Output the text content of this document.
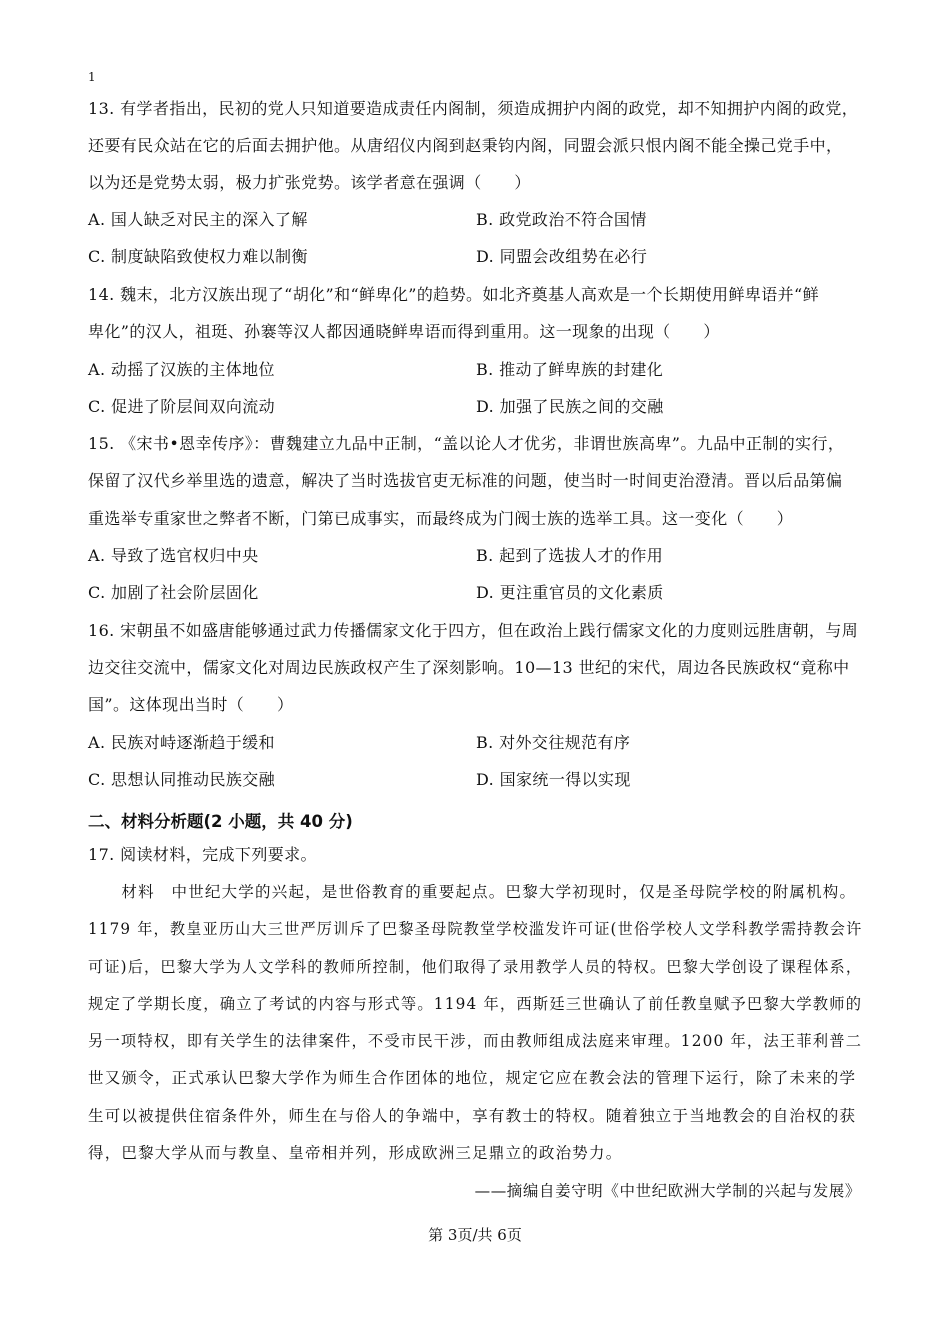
1
13. 有学者指出，民初的党人只知道要造成责任内阁制，须造成拥护内阁的政党，却不知拥护内阁的政党，
还要有民众站在它的后面去拥护他。从唐绍仪内阁到赵秉钧内阁，同盟会派只恨内阁不能全操己党手中，
以为还是党势太弱，极力扩张党势。该学者意在强调（　　）
A. 国人缺乏对民主的深入了解	B. 政党政治不符合国情
C. 制度缺陷致使权力难以制衡	D. 同盟会改组势在必行
14. 魏末，北方汉族出现了“胡化”和“鲜卑化”的趋势。如北齐奠基人高欢是一个长期使用鲜卑语并“鲜
卑化”的汉人，祖珽、孙褰等汉人都因通晓鲜卑语而得到重用。这一现象的出现（　　）
A. 动摇了汉族的主体地位	B. 推动了鲜卑族的封建化
C. 促进了阶层间双向流动	D. 加强了民族之间的交融
15. 《宋书•恩幸传序》：曹魏建立九品中正制，“盖以论人才优劣，非谓世族高卑”。九品中正制的实行，
保留了汉代乡举里选的遗意，解决了当时选拔官吏无标准的问题，使当时一时间吏治澄清。晋以后品第偏
重选举专重家世之弊者不断，门第已成事实，而最终成为门阀士族的选举工具。这一变化（　　）
A. 导致了选官权归中央	B. 起到了选拔人才的作用
C. 加剧了社会阶层固化	D. 更注重官员的文化素质
16. 宋朝虽不如盛唐能够通过武力传播儒家文化于四方，但在政治上践行儒家文化的力度则远胜唐朝，与周
边交往交流中，儒家文化对周边民族政权产生了深刻影响。10—13 世纪的宋代，周边各民族政权“竟称中
国”。这体现出当时（　　）
A. 民族对峙逐渐趋于缓和	B. 对外交往规范有序
C. 思想认同推动民族交融	D. 国家统一得以实现
二、材料分析题(2 小题，共 40 分)
17. 阅读材料，完成下列要求。
　　材料　中世纪大学的兴起，是世俗教育的重要起点。巴黎大学初现时，仅是圣母院学校的附属机构。
1179 年，教皇亚历山大三世严厉训斥了巴黎圣母院教堂学校滥发许可证(世俗学校人文学科教学需持教会许
可证)后，巴黎大学为人文学科的教师所控制，他们取得了录用教学人员的特权。巴黎大学创设了课程体系，
规定了学期长度，确立了考试的内容与形式等。1194 年，西斯廷三世确认了前任教皇赋予巴黎大学教师的
另一项特权，即有关学生的法律案件，不受市民干涉，而由教师组成法庭来审理。1200 年，法王菲利普二
世又颁令，正式承认巴黎大学作为师生合作团体的地位，规定它应在教会法的管理下运行，除了未来的学
生可以被提供住宿条件外，师生在与俗人的争端中，享有教士的特权。随着独立于当地教会的自治权的获
得，巴黎大学从而与教皇、皇帝相并列，形成欧洲三足鼎立的政治势力。
——摘编自姜守明《中世纪欧洲大学制的兴起与发展》
第 3页/共 6页
